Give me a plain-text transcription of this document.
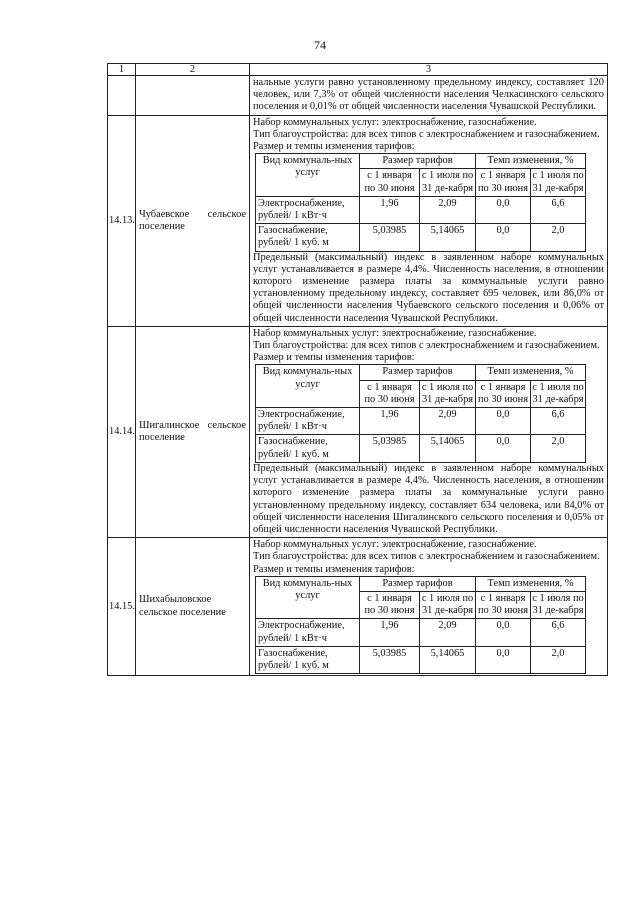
74
1	2	3

нальные услуги равно установленному предельному индексу, составляет 120 человек, или 7,3% от общей численности населения Челкасинского сельского поселения и 0,01% от общей численности населения Чувашской Республики.

14.13.	Чубаевское сельское поселение	

Набор коммунальных услуг: электроснабжение, газоснабжение.

Тип благоустройства: для всех типов с электроснабжением и газоснабжением.

Размер и темпы изменения тарифов:

Вид коммуналь-ных услуг	Размер тарифов	Темп изменения, %
с 1 января по 30 июня	с 1 июля по 31 де-кабря	с 1 января по 30 июня	с 1 июля по 31 де-кабря
Электроснабжение, рублей/ 1 кВт·ч	1,96	2,09	0,0	6,6
Газоснабжение, рублей/ 1 куб. м	5,03985	5,14065	0,0	2,0

Предельный (максимальный) индекс в заявленном наборе коммунальных услуг устанавливается в размере 4,4%. Численность населения, в отношении которого изменение размера платы за коммунальные услуги равно установленному предельному индексу, составляет 695 человек, или 86,0% от общей численности населения Чубаевского сельского поселения и 0,06% от общей численности населения Чувашской Республики.

14.14.	Шигалинское сельское поселение	

Набор коммунальных услуг: электроснабжение, газоснабжение.

Тип благоустройства: для всех типов с электроснабжением и газоснабжением.

Размер и темпы изменения тарифов:

Вид коммуналь-ных услуг	Размер тарифов	Темп изменения, %
с 1 января по 30 июня	с 1 июля по 31 де-кабря	с 1 января по 30 июня	с 1 июля по 31 де-кабря
Электроснабжение, рублей/ 1 кВт·ч	1,96	2,09	0,0	6,6
Газоснабжение, рублей/ 1 куб. м	5,03985	5,14065	0,0	2,0

Предельный (максимальный) индекс в заявленном наборе коммунальных услуг устанавливается в размере 4,4%. Численность населения, в отношении которого изменение размера платы за коммунальные услуги равно установленному предельному индексу, составляет 634 человека, или 84,0% от общей численности населения Шигалинского сельского поселения и 0,05% от общей численности населения Чувашской Республики.

14.15.	Шихабыловское сельское поселение	

Набор коммунальных услуг: электроснабжение, газоснабжение.

Тип благоустройства: для всех типов с электроснабжением и газоснабжением.

Размер и темпы изменения тарифов:

Вид коммуналь-ных услуг	Размер тарифов	Темп изменения, %
с 1 января по 30 июня	с 1 июля по 31 де-кабря	с 1 января по 30 июня	с 1 июля по 31 де-кабря
Электроснабжение, рублей/ 1 кВт·ч	1,96	2,09	0,0	6,6
Газоснабжение, рублей/ 1 куб. м	5,03985	5,14065	0,0	2,0
